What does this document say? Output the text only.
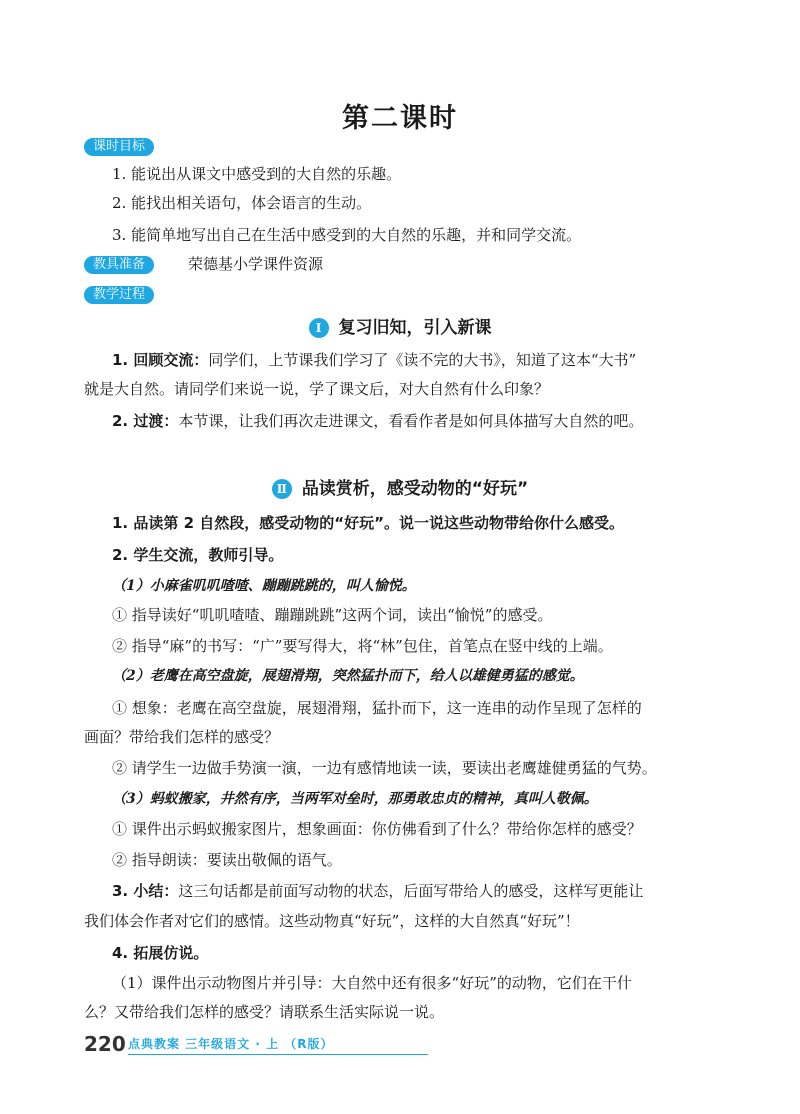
第二课时
课时目标
1. 能说出从课文中感受到的大自然的乐趣。
2. 能找出相关语句，体会语言的生动。
3. 能简单地写出自己在生活中感受到的大自然的乐趣，并和同学交流。
教具准备	荣德基小学课件资源
教学过程
Ⅰ 复习旧知，引入新课
1. 回顾交流：同学们，上节课我们学习了《读不完的大书》，知道了这本“大书”
就是大自然。请同学们来说一说，学了课文后，对大自然有什么印象？
2. 过渡：本节课，让我们再次走进课文，看看作者是如何具体描写大自然的吧。
Ⅱ 品读赏析，感受动物的“好玩”
1. 品读第 2 自然段，感受动物的“好玩”。说一说这些动物带给你什么感受。
2. 学生交流，教师引导。
（1）小麻雀叽叽喳喳、蹦蹦跳跳的，叫人愉悦。
① 指导读好“叽叽喳喳、蹦蹦跳跳”这两个词，读出“愉悦”的感受。
② 指导“麻”的书写：“广”要写得大，将“林”包住，首笔点在竖中线的上端。
（2）老鹰在高空盘旋，展翅滑翔，突然猛扑而下，给人以雄健勇猛的感觉。
① 想象：老鹰在高空盘旋，展翅滑翔，猛扑而下，这一连串的动作呈现了怎样的
画面？带给我们怎样的感受？
② 请学生一边做手势演一演，一边有感情地读一读，要读出老鹰雄健勇猛的气势。
（3）蚂蚁搬家，井然有序，当两军对垒时，那勇敢忠贞的精神，真叫人敬佩。
① 课件出示蚂蚁搬家图片，想象画面：你仿佛看到了什么？带给你怎样的感受？
② 指导朗读：要读出敬佩的语气。
3. 小结：这三句话都是前面写动物的状态，后面写带给人的感受，这样写更能让
我们体会作者对它们的感情。这些动物真“好玩”，这样的大自然真“好玩”！
4. 拓展仿说。
（1）课件出示动物图片并引导：大自然中还有很多“好玩”的动物，它们在干什
么？又带给我们怎样的感受？请联系生活实际说一说。
220 点典教案 三年级语文 · 上 （R版）
